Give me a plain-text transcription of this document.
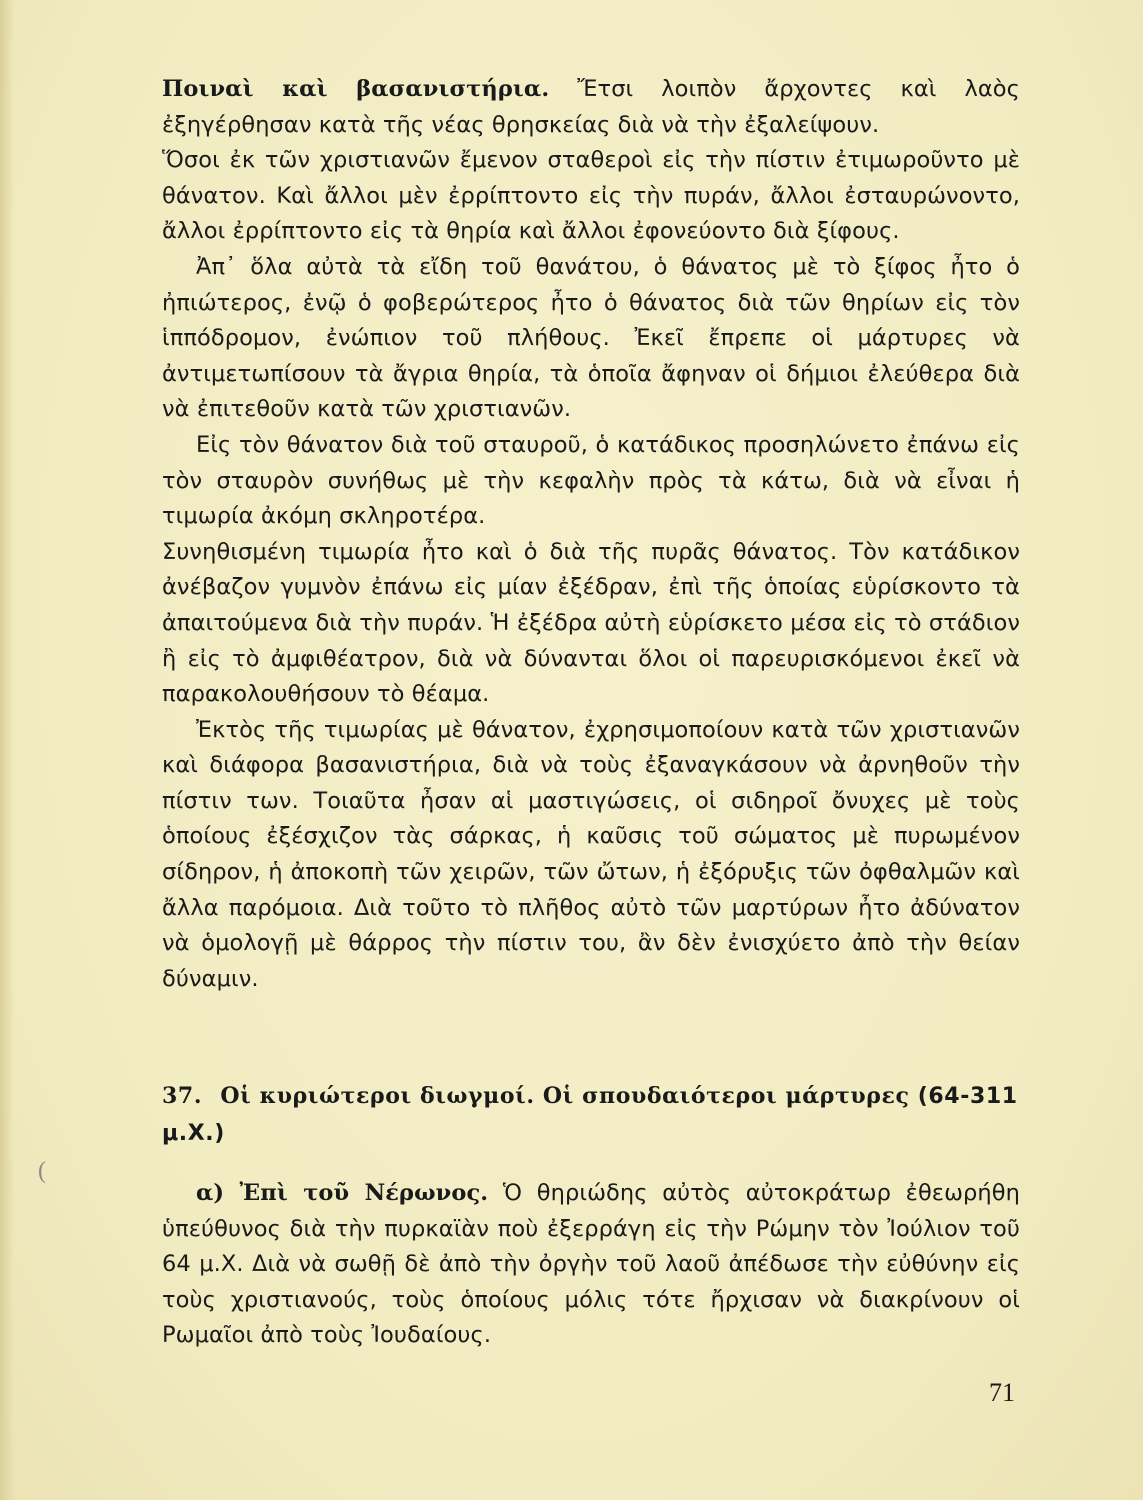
Ποιναὶ καὶ βασανιστήρια. Ἔτσι λοιπὸν ἄρχοντες καὶ λαὸς ἐξηγέρθησαν κατὰ τῆς νέας θρησκείας διὰ νὰ τὴν ἐξαλείψουν.

Ὅσοι ἐκ τῶν χριστιανῶν ἔμενον σταθεροὶ εἰς τὴν πίστιν ἐτιμωροῦντο μὲ θάνατον. Καὶ ἄλλοι μὲν ἐρρίπτοντο εἰς τὴν πυράν, ἄλλοι ἐσταυρώνοντο, ἄλλοι ἐρρίπτοντο εἰς τὰ θηρία καὶ ἄλλοι ἐφονεύοντο διὰ ξίφους.

Ἀπ᾽ ὅλα αὐτὰ τὰ εἴδη τοῦ θανάτου, ὁ θάνατος μὲ τὸ ξίφος ἦτο ὁ ἠπιώτερος, ἐνῷ ὁ φοβερώτερος ἦτο ὁ θάνατος διὰ τῶν θηρίων εἰς τὸν ἱππόδρομον, ἐνώπιον τοῦ πλήθους. Ἐκεῖ ἔπρεπε οἱ μάρτυρες νὰ ἀντιμετωπίσουν τὰ ἄγρια θηρία, τὰ ὁποῖα ἄφηναν οἱ δήμιοι ἐλεύθερα διὰ νὰ ἐπιτεθοῦν κατὰ τῶν χριστιανῶν.

Εἰς τὸν θάνατον διὰ τοῦ σταυροῦ, ὁ κατάδικος προσηλώνετο ἐπάνω εἰς τὸν σταυρὸν συνήθως μὲ τὴν κεφαλὴν πρὸς τὰ κάτω, διὰ νὰ εἶναι ἡ τιμωρία ἀκόμη σκληροτέρα.

Συνηθισμένη τιμωρία ἦτο καὶ ὁ διὰ τῆς πυρᾶς θάνατος. Τὸν κατάδικον ἀνέβαζον γυμνὸν ἐπάνω εἰς μίαν ἐξέδραν, ἐπὶ τῆς ὁποίας εὑρίσκοντο τὰ ἀπαιτούμενα διὰ τὴν πυράν. Ἡ ἐξέδρα αὐτὴ εὑρίσκετο μέσα εἰς τὸ στάδιον ἢ εἰς τὸ ἀμφιθέατρον, διὰ νὰ δύνανται ὅλοι οἱ παρευρισκόμενοι ἐκεῖ νὰ παρακολουθήσουν τὸ θέαμα.

Ἐκτὸς τῆς τιμωρίας μὲ θάνατον, ἐχρησιμοποίουν κατὰ τῶν χριστιανῶν καὶ διάφορα βασανιστήρια, διὰ νὰ τοὺς ἐξαναγκάσουν νὰ ἀρνηθοῦν τὴν πίστιν των. Τοιαῦτα ἦσαν αἱ μαστιγώσεις, οἱ σιδηροῖ ὄνυχες μὲ τοὺς ὁποίους ἐξέσχιζον τὰς σάρκας, ἡ καῦσις τοῦ σώματος μὲ πυρωμένον σίδηρον, ἡ ἀποκοπὴ τῶν χειρῶν, τῶν ὤτων, ἡ ἐξόρυξις τῶν ὀφθαλμῶν καὶ ἄλλα παρόμοια. Διὰ τοῦτο τὸ πλῆθος αὐτὸ τῶν μαρτύρων ἦτο ἀδύνατον νὰ ὁμολογῇ μὲ θάρρος τὴν πίστιν του, ἂν δὲν ἐνισχύετο ἀπὸ τὴν θείαν δύναμιν.

37. Οἱ κυριώτεροι διωγμοί. Οἱ σπουδαιότεροι μάρτυρες (64-311 μ.Χ.)

α) Ἐπὶ τοῦ Νέρωνος. Ὁ θηριώδης αὐτὸς αὐτοκράτωρ ἐθεωρήθη ὑπεύθυνος διὰ τὴν πυρκαϊὰν ποὺ ἐξερράγη εἰς τὴν Ρώμην τὸν Ἰούλιον τοῦ 64 μ.Χ. Διὰ νὰ σωθῇ δὲ ἀπὸ τὴν ὀργὴν τοῦ λαοῦ ἀπέδωσε τὴν εὐθύνην εἰς τοὺς χριστιανούς, τοὺς ὁποίους μόλις τότε ἤρχισαν νὰ διακρίνουν οἱ Ρωμαῖοι ἀπὸ τοὺς Ἰουδαίους.

(
71
